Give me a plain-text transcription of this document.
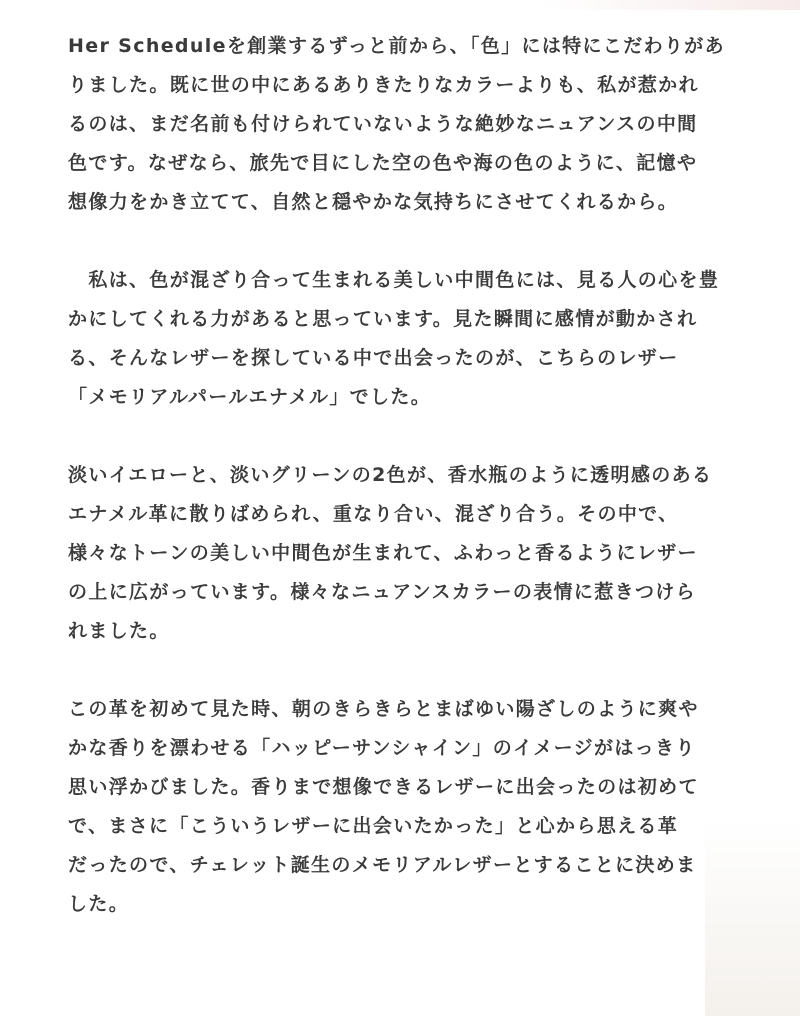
Her Scheduleを創業するずっと前から、「色」には特にこだわりがあ
りました。既に世の中にあるありきたりなカラーよりも、私が惹かれ
るのは、まだ名前も付けられていないような絶妙なニュアンスの中間
色です。なぜなら、旅先で目にした空の色や海の色のように、記憶や
想像力をかき立てて、自然と穏やかな気持ちにさせてくれるから。

　私は、色が混ざり合って生まれる美しい中間色には、見る人の心を豊
かにしてくれる力があると思っています。見た瞬間に感情が動かされ
る、そんなレザーを探している中で出会ったのが、こちらのレザー
「メモリアルパールエナメル」でした。

淡いイエローと、淡いグリーンの2色が、香水瓶のように透明感のある
エナメル革に散りばめられ、重なり合い、混ざり合う。その中で、
様々なトーンの美しい中間色が生まれて、ふわっと香るようにレザー
の上に広がっています。様々なニュアンスカラーの表情に惹きつけら
れました。

この革を初めて見た時、朝のきらきらとまばゆい陽ざしのように爽や
かな香りを漂わせる「ハッピーサンシャイン」のイメージがはっきり
思い浮かびました。香りまで想像できるレザーに出会ったのは初めて
で、まさに「こういうレザーに出会いたかった」と心から思える革
だったので、チェレット誕生のメモリアルレザーとすることに決めま
した。
